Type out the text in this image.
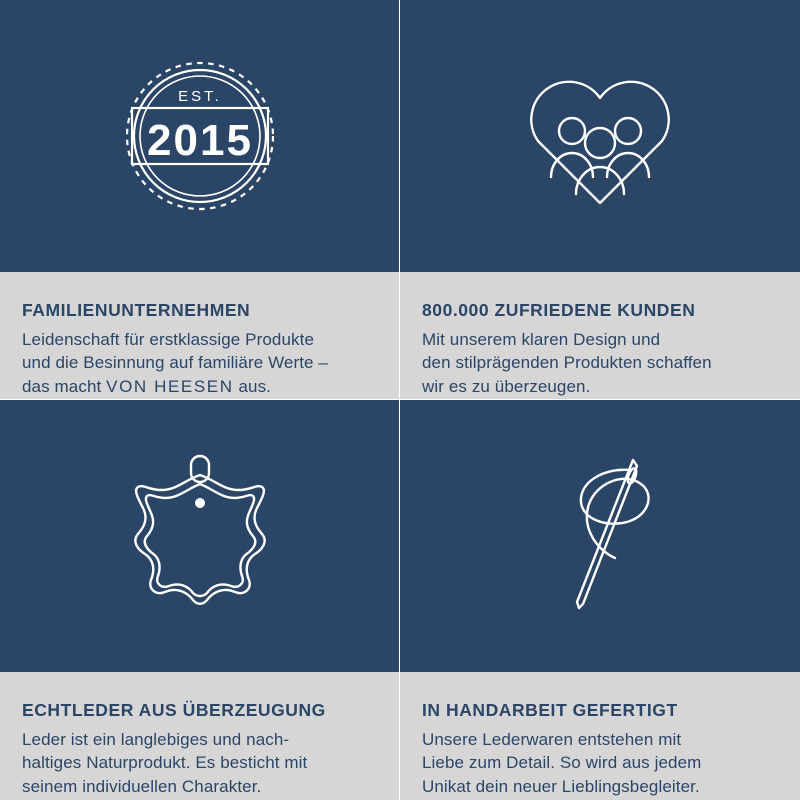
EST.
2015
FAMILIENUNTERNEHMEN
Leidenschaft für erstklassige Produkte
und die Besinnung auf familiäre Werte –
das macht VON HEESEN aus.
800.000 ZUFRIEDENE KUNDEN
Mit unserem klaren Design und
den stilprägenden Produkten schaffen
wir es zu überzeugen.
ECHTLEDER AUS ÜBERZEUGUNG
Leder ist ein langlebiges und nach-
haltiges Naturprodukt. Es besticht mit
seinem individuellen Charakter.
IN HANDARBEIT GEFERTIGT
Unsere Lederwaren entstehen mit
Liebe zum Detail. So wird aus jedem
Unikat dein neuer Lieblingsbegleiter.
